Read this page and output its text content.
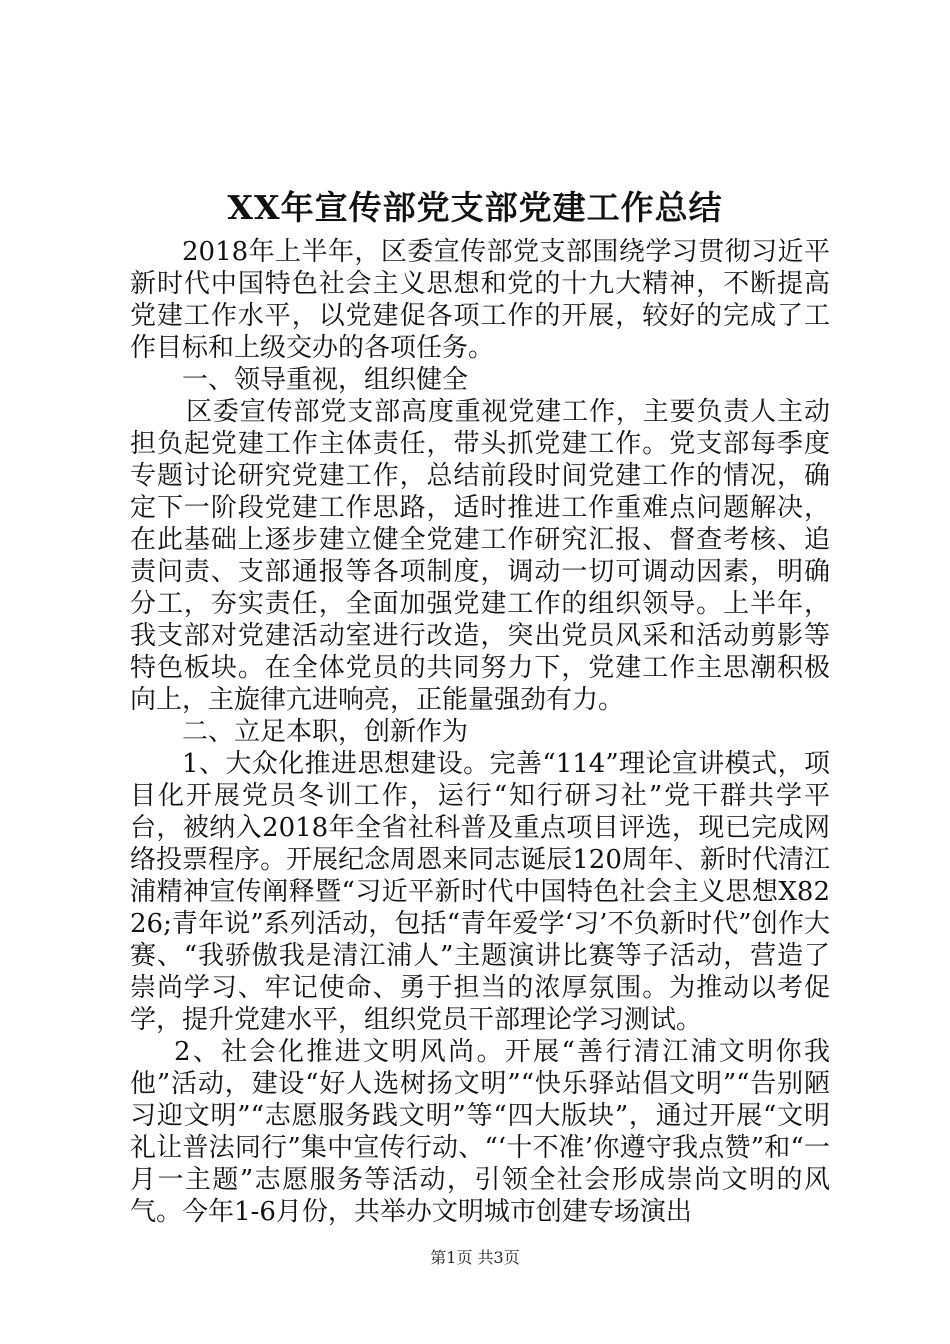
XX年宣传部党支部党建工作总结

2018年上半年，区委宣传部党支部围绕学习贯彻习近平新时代中国特色社会主义思想和党的十九大精神，不断提高党建工作水平，以党建促各项工作的开展，较好的完成了工作目标和上级交办的各项任务。

一、领导重视，组织健全

区委宣传部党支部高度重视党建工作，主要负责人主动担负起党建工作主体责任，带头抓党建工作。党支部每季度专题讨论研究党建工作，总结前段时间党建工作的情况，确定下一阶段党建工作思路，适时推进工作重难点问题解决，在此基础上逐步建立健全党建工作研究汇报、督查考核、追责问责、支部通报等各项制度，调动一切可调动因素，明确分工，夯实责任，全面加强党建工作的组织领导。上半年，我支部对党建活动室进行改造，突出党员风采和活动剪影等特色板块。在全体党员的共同努力下，党建工作主思潮积极向上，主旋律亢进响亮，正能量强劲有力。

二、立足本职，创新作为

1、大众化推进思想建设。完善“114”理论宣讲模式，项目化开展党员冬训工作，运行“知行研习社”党干群共学平台，被纳入2018年全省社科普及重点项目评选，现已完成网络投票程序。开展纪念周恩来同志诞辰120周年、新时代清江浦精神宣传阐释暨“习近平新时代中国特色社会主义思想X8226;青年说”系列活动，包括“青年爱学‘习’不负新时代”创作大赛、“我骄傲我是清江浦人”主题演讲比赛等子活动，营造了崇尚学习、牢记使命、勇于担当的浓厚氛围。为推动以考促学，提升党建水平，组织党员干部理论学习测试。

2、社会化推进文明风尚。开展“善行清江浦文明你我他”活动，建设“好人选树扬文明”“快乐驿站倡文明”“告别陋习迎文明”“志愿服务践文明”等“四大版块”，通过开展“文明礼让普法同行”集中宣传行动、“‘十不准’你遵守我点赞”和“一月一主题”志愿服务等活动，引领全社会形成崇尚文明的风气。今年1-6月份，共举办文明城市创建专场演出

第1页 共3页
